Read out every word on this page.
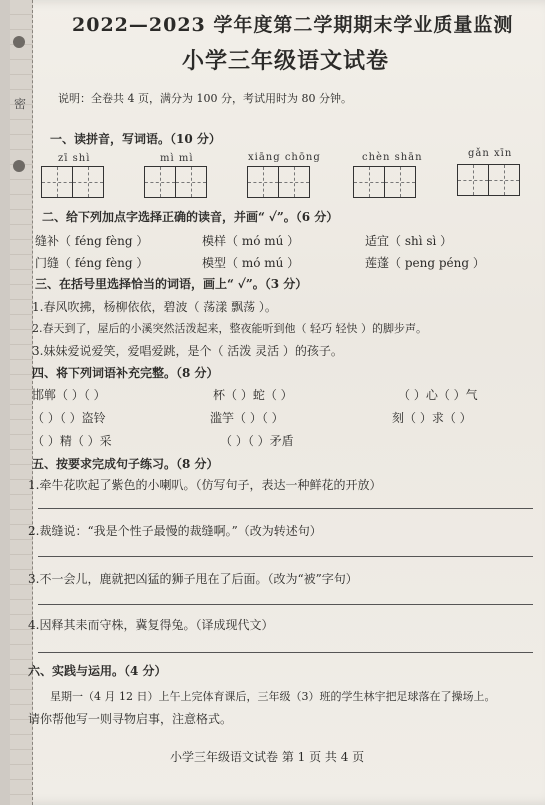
密
2022—2023 学年度第二学期期末学业质量监测
小学三年级语文试卷
说明：全卷共 4 页，满分为 100 分，考试用时为 80 分钟。
一、读拼音，写词语。（10 分）
zī shì	mì mì	xiāng chōng	chèn shān	gǎn xīn
二、给下列加点字选择正确的读音，并画“ ✓”。（6 分）
缝补（ féng fèng ）	模样（ mó mú ）	适宜（ shì sì ）
门缝（ féng fèng ）	模型（ mó mú ）	莲蓬（ peng péng ）
三、在括号里选择恰当的词语，画上“ ✓”。（3 分）
1.春风吹拂，杨柳依依，碧波（ 荡漾 飘荡 ）。
2.春天到了，屋后的小溪突然活泼起来，整夜能听到他（ 轻巧 轻快 ）的脚步声。
3.妹妹爱说爱笑，爱唱爱跳，是个（ 活泼 灵活 ）的孩子。
四、将下列词语补充完整。（8 分）
邯郸（ ）（ ）	杯（ ）蛇（ ）	（ ）心（ ）气
（ ）（ ）盗铃	滥竽（ ）（ ）	刻（ ）求（ ）
（ ）精（ ）采	（ ）（ ）矛盾
五、按要求完成句子练习。（8 分）
1.牵牛花吹起了紫色的小喇叭。（仿写句子，表达一种鲜花的开放）
2.裁缝说：“我是个性子最慢的裁缝啊。”（改为转述句）
3.不一会儿，鹿就把凶猛的狮子甩在了后面。（改为“被”字句）
4.因释其耒而守株，冀复得兔。（译成现代文）
六、实践与运用。（4 分）
星期一（4 月 12 日）上午上完体育课后，三年级（3）班的学生林宇把足球落在了操场上。
请你帮他写一则寻物启事，注意格式。
小学三年级语文试卷 第 1 页 共 4 页
